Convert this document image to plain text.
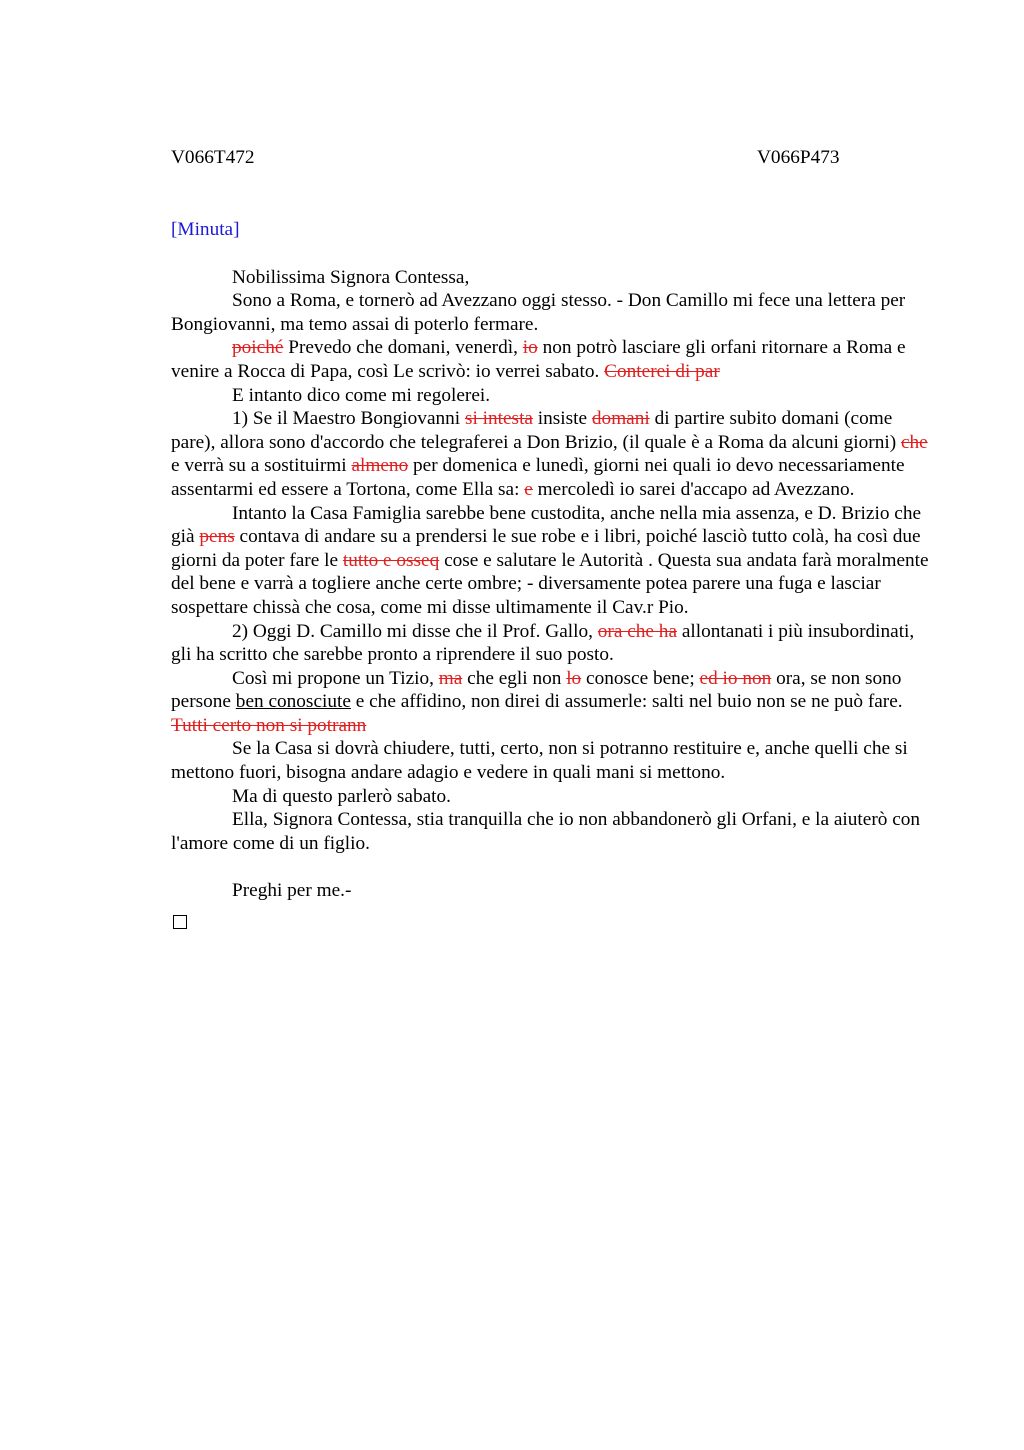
V066T472	V066P473
[Minuta]

Nobilissima Signora Contessa,

Sono a Roma, e tornerò ad Avezzano oggi stesso. - Don Camillo mi fece una lettera per Bongiovanni, ma temo assai di poterlo fermare.

poiché Prevedo che domani, venerdì, io non potrò lasciare gli orfani ritornare a Roma e venire a Rocca di Papa, così Le scrivò: io verrei sabato. Conterei di par

E intanto dico come mi regolerei.

1) Se il Maestro Bongiovanni si intesta insiste domani di partire subito domani (come pare), allora sono d'accordo che telegraferei a Don Brizio, (il quale è a Roma da alcuni giorni) che e verrà su a sostituirmi almeno per domenica e lunedì, giorni nei quali io devo necessariamente assentarmi ed essere a Tortona, come Ella sa: e mercoledì io sarei d'accapo ad Avezzano.

Intanto la Casa Famiglia sarebbe bene custodita, anche nella mia assenza, e D. Brizio che già pens contava di andare su a prendersi le sue robe e i libri, poiché lasciò tutto colà, ha così due giorni da poter fare le tutto e osseq cose e salutare le Autorità . Questa sua andata farà moralmente del bene e varrà a togliere anche certe ombre; - diversamente potea parere una fuga e lasciar sospettare chissà che cosa, come mi disse ultimamente il Cav.r Pio.

2) Oggi D. Camillo mi disse che il Prof. Gallo, ora che ha allontanati i più insubordinati, gli ha scritto che sarebbe pronto a riprendere il suo posto.

Così mi propone un Tizio, ma che egli non lo conosce bene; ed io non ora, se non sono persone ben conosciute e che affidino, non direi di assumerle: salti nel buio non se ne può fare. Tutti certo non si potrann

Se la Casa si dovrà chiudere, tutti, certo, non si potranno restituire e, anche quelli che si mettono fuori, bisogna andare adagio e vedere in quali mani si mettono.

Ma di questo parlerò sabato.

Ella, Signora Contessa, stia tranquilla che io non abbandonerò gli Orfani, e la aiuterò con l'amore come di un figlio.

Preghi per me.-
